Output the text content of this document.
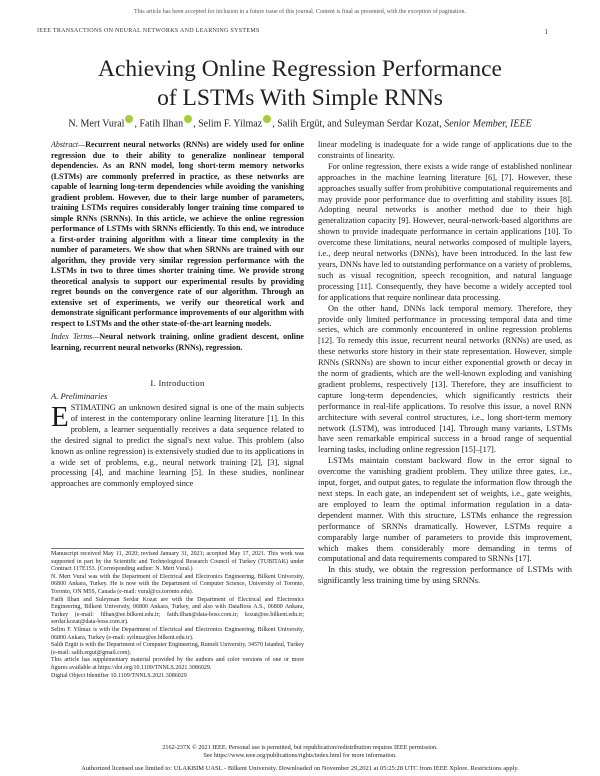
This article has been accepted for inclusion in a future issue of this journal. Content is final as presented, with the exception of pagination.
IEEE TRANSACTIONS ON NEURAL NETWORKS AND LEARNING SYSTEMS	1
Achieving Online Regression Performance of LSTMs With Simple RNNs
N. Mert Vural , Fatih Ilhan , Selim F. Yilmaz , Salih Ergüt, and Suleyman Serdar Kozat, Senior Member, IEEE
Abstract—Recurrent neural networks (RNNs) are widely used for online regression due to their ability to generalize nonlinear temporal dependencies. As an RNN model, long short-term memory networks (LSTMs) are commonly preferred in practice, as these networks are capable of learning long-term dependencies while avoiding the vanishing gradient problem. However, due to their large number of parameters, training LSTMs requires considerably longer training time compared to simple RNNs (SRNNs). In this article, we achieve the online regression performance of LSTMs with SRNNs efficiently. To this end, we introduce a first-order training algorithm with a linear time complexity in the number of parameters. We show that when SRNNs are trained with our algorithm, they provide very similar regression performance with the LSTMs in two to three times shorter training time. We provide strong theoretical analysis to support our experimental results by providing regret bounds on the convergence rate of our algorithm. Through an extensive set of experiments, we verify our theoretical work and demonstrate significant performance improvements of our algorithm with respect to LSTMs and the other state-of-the-art learning models.
Index Terms—Neural network training, online gradient descent, online learning, recurrent neural networks (RNNs), regression.
I. Introduction
A. Preliminaries
ESTIMATING an unknown desired signal is one of the main subjects of interest in the contemporary online learning literature [1]. In this problem, a learner sequentially receives a data sequence related to the desired signal to predict the signal's next value. This problem (also known as online regression) is extensively studied due to its applications in a wide set of problems, e.g., neural network training [2], [3], signal processing [4], and machine learning [5]. In these studies, nonlinear approaches are commonly employed since

Manuscript received May 11, 2020; revised January 31, 2021; accepted May 17, 2021. This work was supported in part by the Scientific and Technological Research Council of Turkey (TUBITAK) under Contract 117E153. (Corresponding author: N. Mert Vural.)

N. Mert Vural was with the Department of Electrical and Electronics Engineering, Bilkent University, 06800 Ankara, Turkey. He is now with the Department of Computer Science, University of Toronto, Toronto, ON M5S, Canada (e-mail: vural@cs.toronto.edu).

Fatih Ilhan and Suleyman Serdar Kozat are with the Department of Electrical and Electronics Engineering, Bilkent University, 06800 Ankara, Turkey, and also with DataBoss A.S., 06800 Ankara, Turkey (e-mail: filhan@ee.bilkent.edu.tr; fatih.ilhan@data-boss.com.tr; kozat@ee.bilkent.edu.tr; serdar.kozat@data-boss.com.tr).

Selim F. Yilmaz is with the Department of Electrical and Electronics Engineering, Bilkent University, 06800 Ankara, Turkey (e-mail: syilmaz@ee.bilkent.edu.tr).

Salih Ergüt is with the Department of Computer Engineering, Rumeli University, 34570 Istanbul, Turkey (e-mail: salih.ergut@gmail.com).

This article has supplementary material provided by the authors and color versions of one or more figures available at https://doi.org/10.1109/TNNLS.2021.3086029.

Digital Object Identifier 10.1109/TNNLS.2021.3086029

linear modeling is inadequate for a wide range of applications due to the constraints of linearity.

For online regression, there exists a wide range of established nonlinear approaches in the machine learning literature [6], [7]. However, these approaches usually suffer from prohibitive computational requirements and may provide poor performance due to overfitting and stability issues [8]. Adopting neural networks is another method due to their high generalization capacity [9]. However, neural-network-based algorithms are shown to provide inadequate performance in certain applications [10]. To overcome these limitations, neural networks composed of multiple layers, i.e., deep neural networks (DNNs), have been introduced. In the last few years, DNNs have led to outstanding performance on a variety of problems, such as visual recognition, speech recognition, and natural language processing [11]. Consequently, they have become a widely accepted tool for applications that require nonlinear data processing.

On the other hand, DNNs lack temporal memory. Therefore, they provide only limited performance in processing temporal data and time series, which are commonly encountered in online regression problems [12]. To remedy this issue, recurrent neural networks (RNNs) are used, as these networks store history in their state representation. However, simple RNNs (SRNNs) are shown to incur either exponential growth or decay in the norm of gradients, which are the well-known exploding and vanishing gradient problems, respectively [13]. Therefore, they are insufficient to capture long-term dependencies, which significantly restricts their performance in real-life applications. To resolve this issue, a novel RNN architecture with several control structures, i.e., long short-term memory network (LSTM), was introduced [14]. Through many variants, LSTMs have seen remarkable empirical success in a broad range of sequential learning tasks, including online regression [15]–[17].

LSTMs maintain constant backward flow in the error signal to overcome the vanishing gradient problem. They utilize three gates, i.e., input, forget, and output gates, to regulate the information flow through the next steps. In each gate, an independent set of weights, i.e., gate weights, are employed to learn the optimal information regulation in a data-dependent manner. With this structure, LSTMs enhance the regression performance of SRNNs dramatically. However, LSTMs require a comparably large number of parameters to provide this improvement, which makes them considerably more demanding in terms of computational and data requirements compared to SRNNs [17].

In this study, we obtain the regression performance of LSTMs with significantly less training time by using SRNNs.

2162-237X © 2021 IEEE. Personal use is permitted, but republication/redistribution requires IEEE permission.
See https://www.ieee.org/publications/rights/index.html for more information.
Authorized licensed use limited to: ULAKBIM UASL - Bilkent University. Downloaded on November 29,2021 at 05:25:28 UTC from IEEE Xplore. Restrictions apply.
